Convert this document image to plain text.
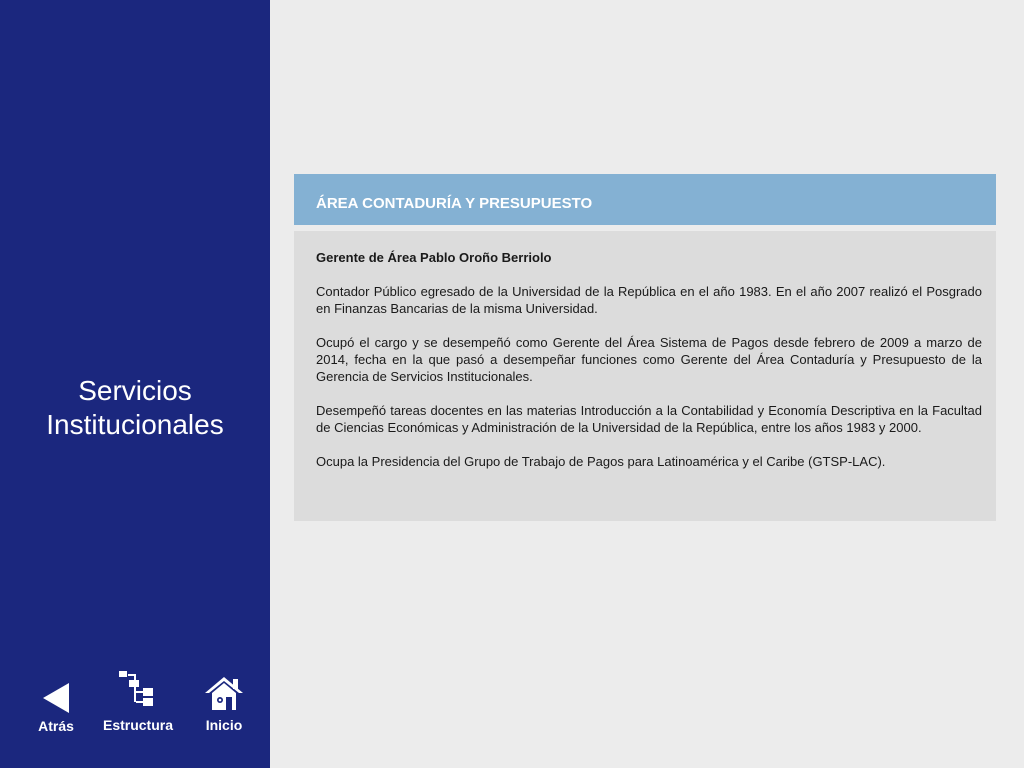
Servicios
Institucionales
Atrás	Estructura	Inicio
ÁREA CONTADURÍA Y PRESUPUESTO

Gerente de Área Pablo Oroño Berriolo

Contador Público egresado de la Universidad de la República en el año 1983. En el año 2007 realizó el Posgrado en Finanzas Bancarias de la misma Universidad.

Ocupó el cargo y se desempeñó como Gerente del Área Sistema de Pagos desde febrero de 2009 a marzo de 2014, fecha en la que pasó a desempeñar funciones como Gerente del Área Contaduría y Presupuesto de la Gerencia de Servicios Institucionales.

Desempeñó tareas docentes en las materias Introducción a la Contabilidad y Economía Descriptiva en la Facultad de Ciencias Económicas y Administración de la Universidad de la República, entre los años 1983 y 2000.

Ocupa la Presidencia del Grupo de Trabajo de Pagos para Latinoamérica y el Caribe (GTSP-LAC).
